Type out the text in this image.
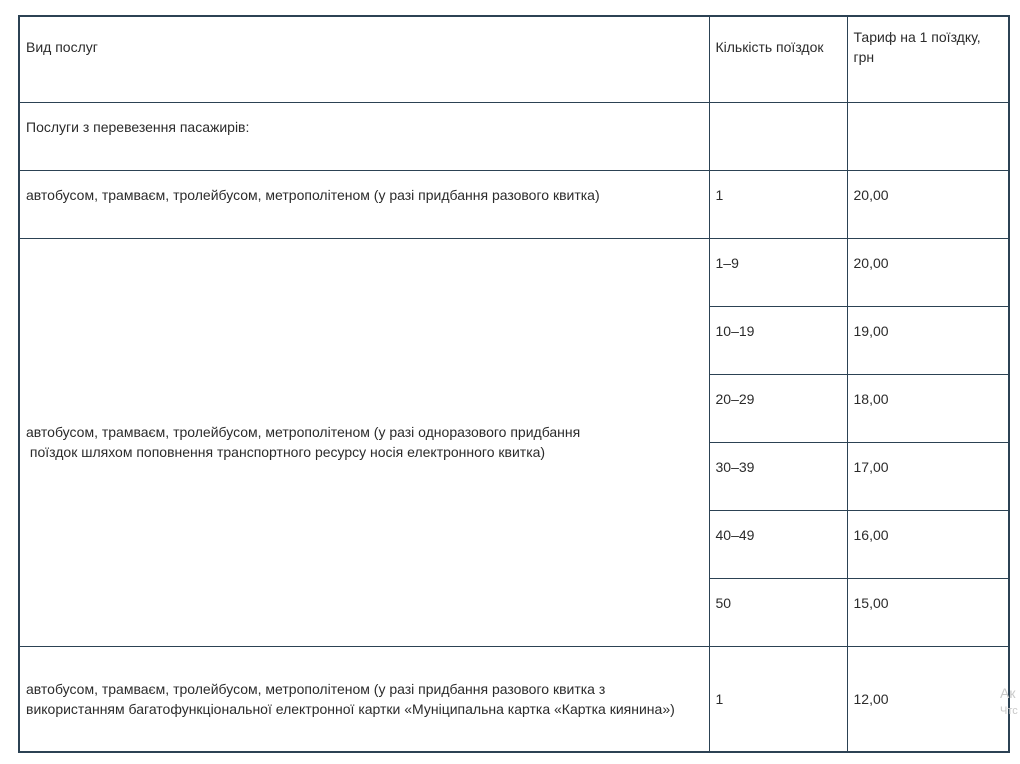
Вид послуг	Кількість поїздок	Тариф на 1 поїздку, грн
Послуги з перевезення пасажирів:		
автобусом, трамваєм, тролейбусом, метрополітеном (у разі придбання разового квитка)	1	20,00

автобусом, трамваєм, тролейбусом, метрополітеном (у разі одноразового придбання
поїздок шляхом поповнення транспортного ресурсу носія електронного квитка)	1–9	20,00
	10–19	19,00
	20–29	18,00
	30–39	17,00
	40–49	16,00
	50	15,00
автобусом, трамваєм, тролейбусом, метрополітеном (у разі придбання разового квитка з використанням багатофункціональної електронної картки «Муніципальна картка «Картка киянина»)	1	12,00	Ак
Чтс
